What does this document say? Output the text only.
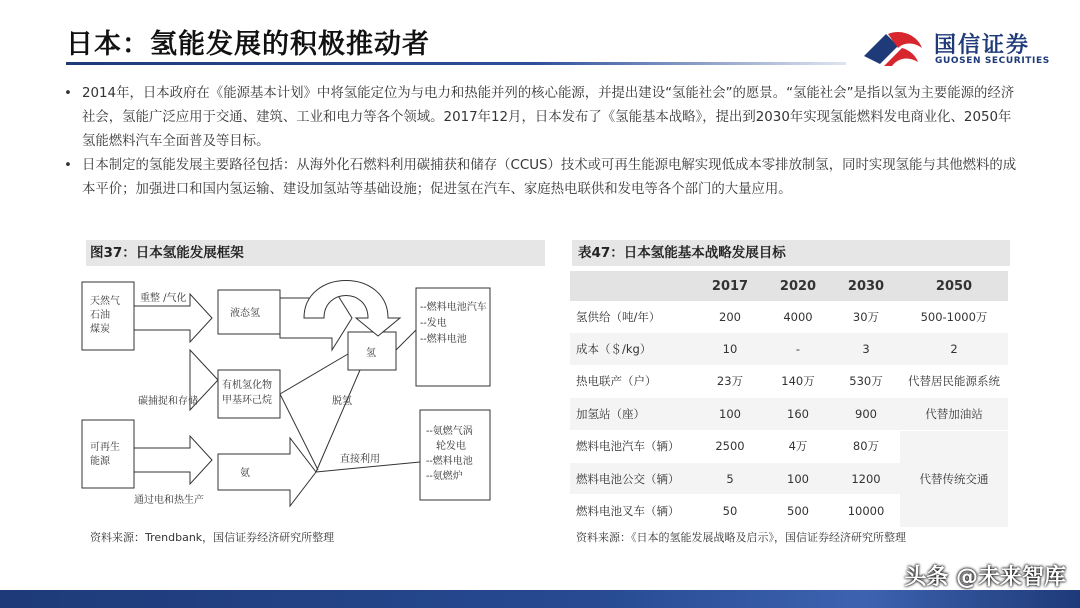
日本：氢能发展的积极推动者	国信证券
GUOSEN SECURITIES
• 2014年，日本政府在《能源基本计划》中将氢能定位为与电力和热能并列的核心能源，并提出建设“氢能社会”的愿景。“氢能社会”是指以氢为主要能源的经济社会，氢能广泛应用于交通、建筑、工业和电力等各个领域。2017年12月，日本发布了《氢能基本战略》，提出到2030年实现氢能燃料发电商业化、2050年氢能燃料汽车全面普及等目标。
• 日本制定的氢能发展主要路径包括：从海外化石燃料利用碳捕获和储存（CCUS）技术或可再生能源电解实现低成本零排放制氢，同时实现氢能与其他燃料的成本平价；加强进口和国内氢运输、建设加氢站等基础设施；促进氢在汽车、家庭热电联供和发电等各个部门的大量应用。
图37：日本氢能发展框架
天然气
石油
煤炭
重整 /气化
碳捕捉和存储
可再生
能源
通过电和热生产
液态氢
有机氢化物
甲基环己烷
氨
氢
脱氢
直接利用
--燃料电池汽车
--发电
--燃料电池
--氨燃气涡
轮发电
--燃料电池
--氨燃炉
资料来源：Trendbank，国信证券经济研究所整理
表47：日本氢能基本战略发展目标
	2017	2020	2030	2050
氢供给（吨/年）	200	4000	30万	500-1000万
成本（＄/kg）	10	-	3	2
热电联产（户）	23万	140万	530万	代替居民能源系统
加氢站（座）	100	160	900	代替加油站
燃料电池汽车（辆）	2500	4万	80万	代替传统交通
燃料电池公交（辆）	5	100	1200	
燃料电池叉车（辆）	50	500	10000	
资料来源：《日本的氢能发展战略及启示》，国信证券经济研究所整理
头条 @未来智库
